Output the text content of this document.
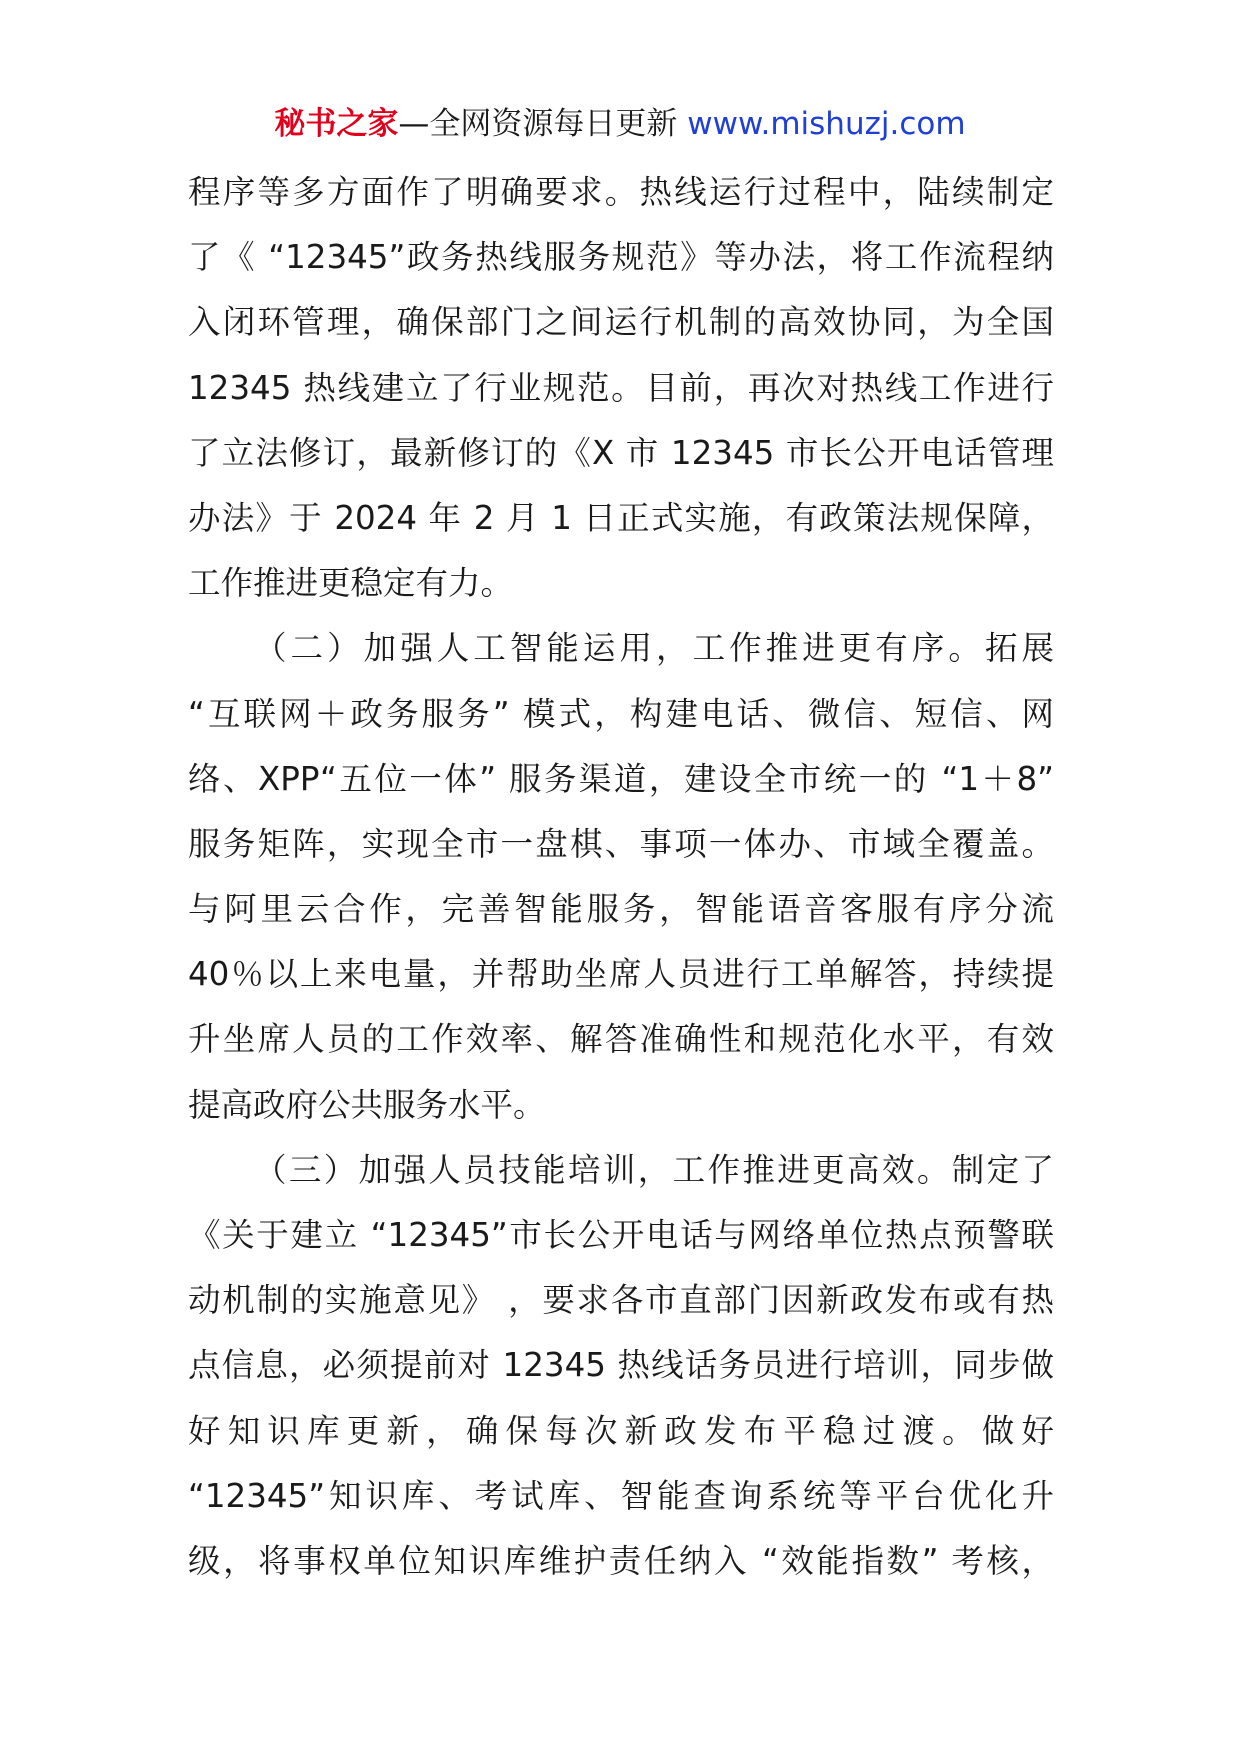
秘书之家—全网资源每日更新 www.mishuzj.com
程序等多方面作了明确要求。热线运行过程中，陆续制定
了《 “12345”政务热线服务规范》等办法，将工作流程纳
入闭环管理，确保部门之间运行机制的高效协同，为全国
12345 热线建立了行业规范。目前，再次对热线工作进行
了立法修订，最新修订的《X 市 12345 市长公开电话管理
办法》于 2024 年 2 月 1 日正式实施，有政策法规保障，
工作推进更稳定有力。
（二）加强人工智能运用，工作推进更有序。拓展
“互联网＋政务服务” 模式，构建电话、微信、短信、网
络、XPP“五位一体” 服务渠道，建设全市统一的 “1＋8”
服务矩阵，实现全市一盘棋、事项一体办、市域全覆盖。
与阿里云合作，完善智能服务，智能语音客服有序分流
40％以上来电量，并帮助坐席人员进行工单解答，持续提
升坐席人员的工作效率、解答准确性和规范化水平，有效
提高政府公共服务水平。
（三）加强人员技能培训，工作推进更高效。制定了
《关于建立 “12345”市长公开电话与网络单位热点预警联
动机制的实施意见》 ，要求各市直部门因新政发布或有热
点信息，必须提前对 12345 热线话务员进行培训，同步做
好知识库更新，确保每次新政发布平稳过渡。做好
“12345”知识库、考试库、智能查询系统等平台优化升
级，将事权单位知识库维护责任纳入 “效能指数” 考核，
